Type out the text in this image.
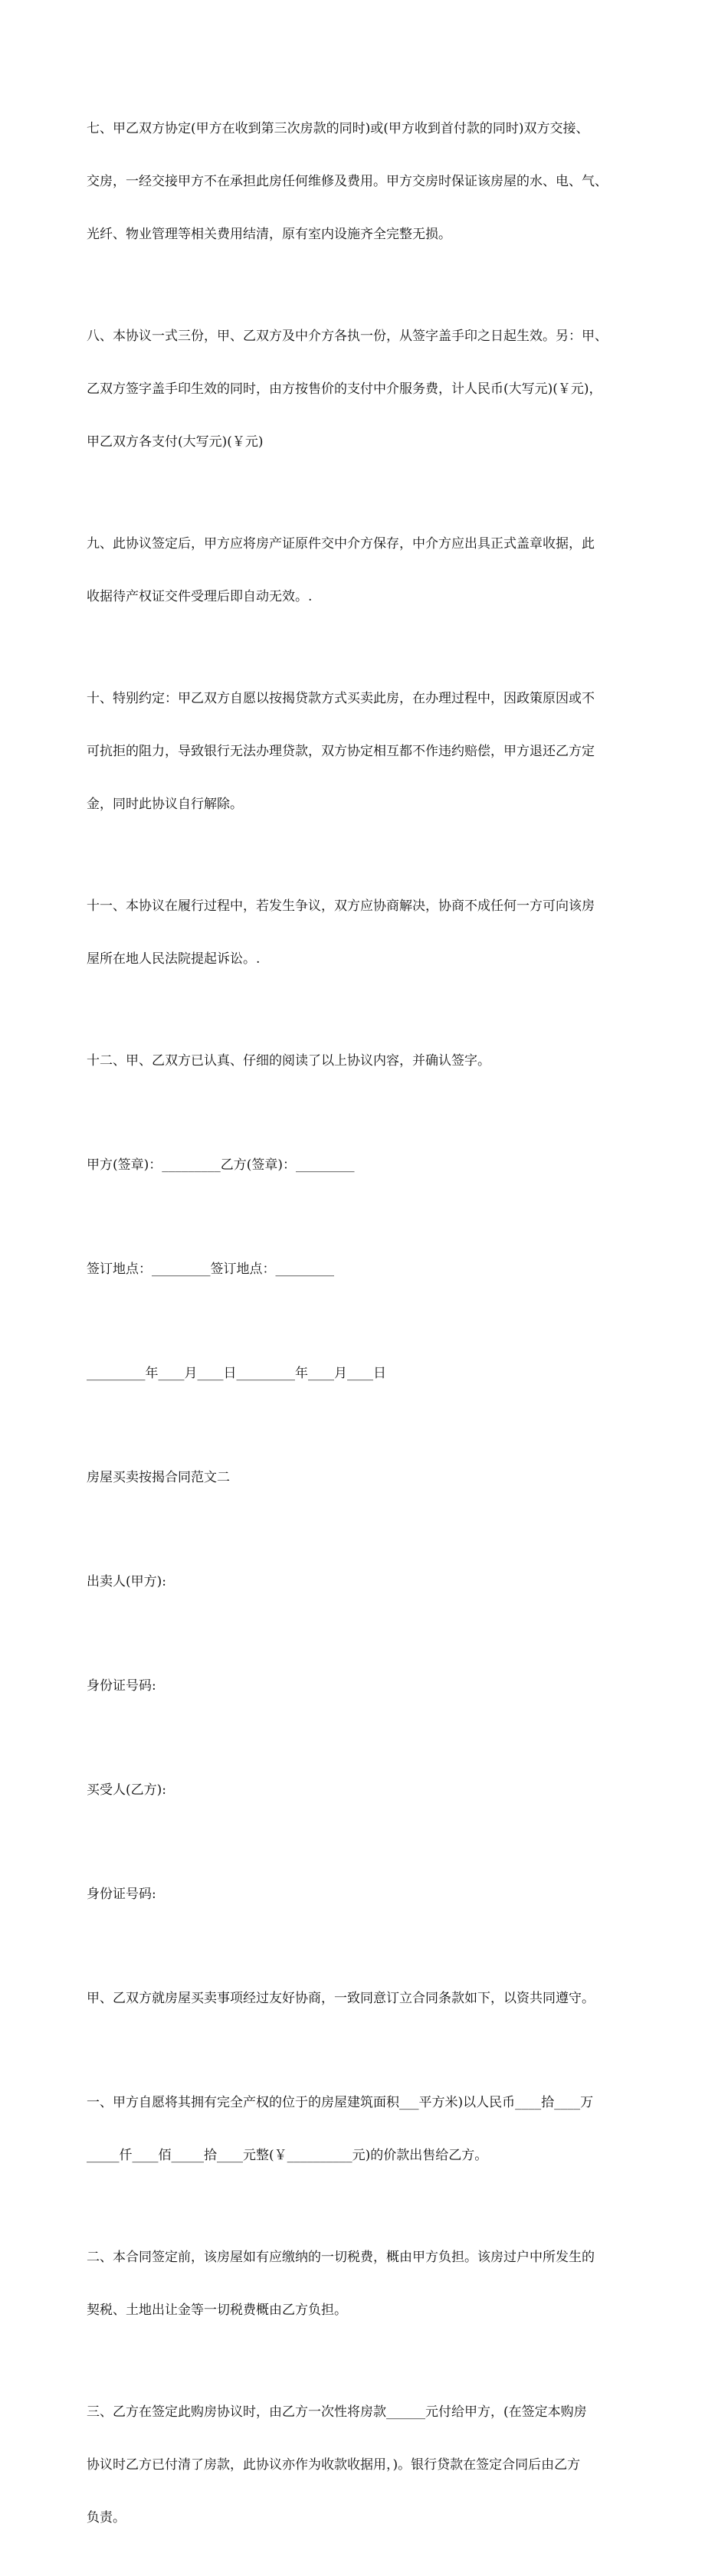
七、甲乙双方协定(甲方在收到第三次房款的同时)或(甲方收到首付款的同时)双方交接、

交房，一经交接甲方不在承担此房任何维修及费用。甲方交房时保证该房屋的水、电、气、

光纤、物业管理等相关费用结清，原有室内设施齐全完整无损。

八、本协议一式三份，甲、乙双方及中介方各执一份，从签字盖手印之日起生效。另：甲、

乙双方签字盖手印生效的同时，由方按售价的支付中介服务费，计人民币(大写元)(￥元)，

甲乙双方各支付(大写元)(￥元)

九、此协议签定后，甲方应将房产证原件交中介方保存，中介方应出具正式盖章收据，此

收据待产权证交件受理后即自动无效。.

十、特别约定：甲乙双方自愿以按揭贷款方式买卖此房，在办理过程中，因政策原因或不

可抗拒的阻力，导致银行无法办理贷款，双方协定相互都不作违约赔偿，甲方退还乙方定

金，同时此协议自行解除。

十一、本协议在履行过程中，若发生争议，双方应协商解决，协商不成任何一方可向该房

屋所在地人民法院提起诉讼。.

十二、甲、乙双方已认真、仔细的阅读了以上协议内容，并确认签字。

甲方(签章)：_________乙方(签章)：_________

签订地点：_________签订地点：_________

_________年____月____日_________年____月____日

房屋买卖按揭合同范文二

出卖人(甲方):

身份证号码:

买受人(乙方):

身份证号码:

甲、乙双方就房屋买卖事项经过友好协商，一致同意订立合同条款如下，以资共同遵守。

一、甲方自愿将其拥有完全产权的位于的房屋建筑面积___平方米)以人民币____拾____万

_____仟____佰_____拾____元整(￥__________元)的价款出售给乙方。

二、本合同签定前，该房屋如有应缴纳的一切税费，概由甲方负担。该房过户中所发生的

契税、土地出让金等一切税费概由乙方负担。

三、乙方在签定此购房协议时，由乙方一次性将房款______元付给甲方，(在签定本购房

协议时乙方已付清了房款，此协议亦作为收款收据用，)。银行贷款在签定合同后由乙方

负责。
